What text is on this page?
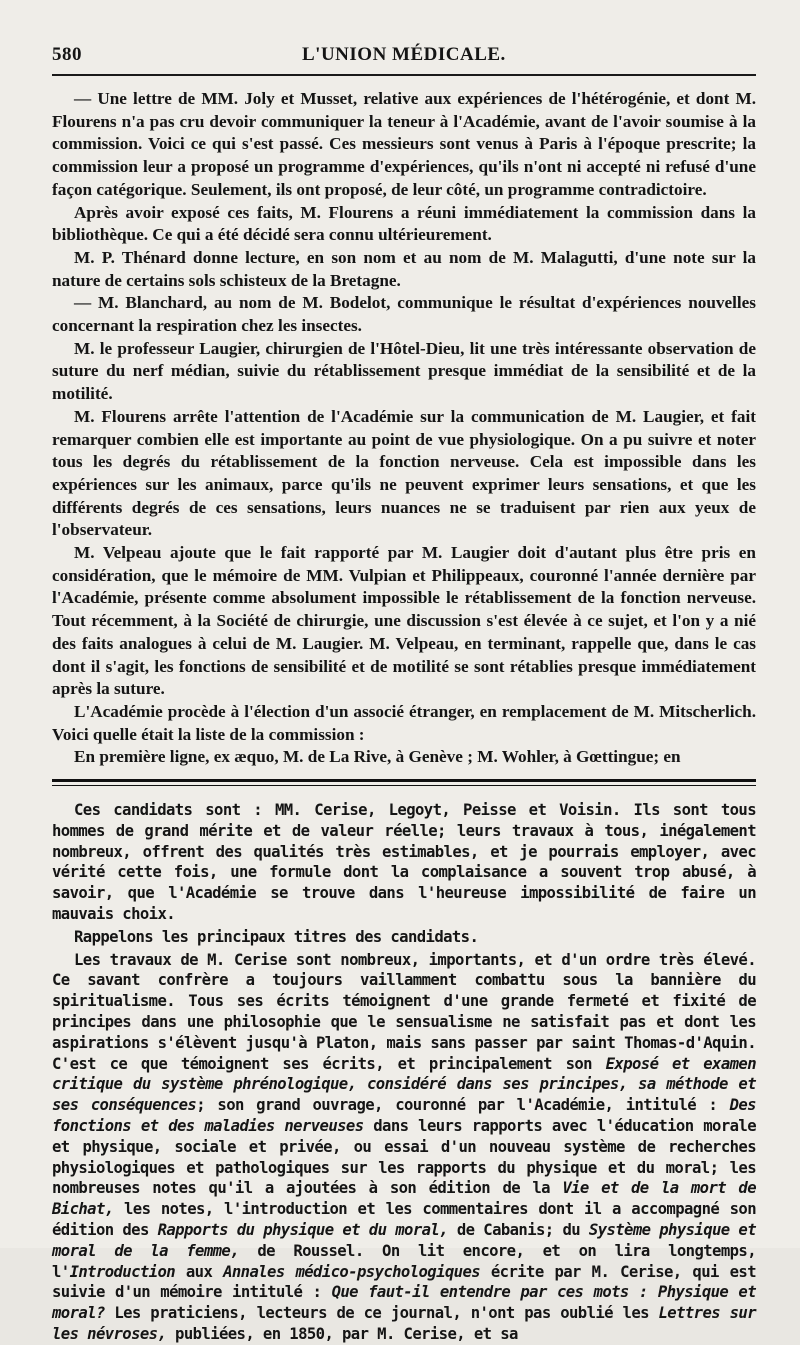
580	L'UNION MÉDICALE.

— Une lettre de MM. Joly et Musset, relative aux expériences de l'hétérogénie, et dont M. Flourens n'a pas cru devoir communiquer la teneur à l'Académie, avant de l'avoir soumise à la commission. Voici ce qui s'est passé. Ces messieurs sont venus à Paris à l'époque prescrite; la commission leur a proposé un programme d'expériences, qu'ils n'ont ni accepté ni refusé d'une façon catégorique. Seulement, ils ont proposé, de leur côté, un programme contradictoire.

Après avoir exposé ces faits, M. Flourens a réuni immédiatement la commission dans la bibliothèque. Ce qui a été décidé sera connu ultérieurement.

M. P. Thénard donne lecture, en son nom et au nom de M. Malagutti, d'une note sur la nature de certains sols schisteux de la Bretagne.

— M. Blanchard, au nom de M. Bodelot, communique le résultat d'expériences nouvelles concernant la respiration chez les insectes.

M. le professeur Laugier, chirurgien de l'Hôtel-Dieu, lit une très intéressante observation de suture du nerf médian, suivie du rétablissement presque immédiat de la sensibilité et de la motilité.

M. Flourens arrête l'attention de l'Académie sur la communication de M. Laugier, et fait remarquer combien elle est importante au point de vue physiologique. On a pu suivre et noter tous les degrés du rétablissement de la fonction nerveuse. Cela est impossible dans les expériences sur les animaux, parce qu'ils ne peuvent exprimer leurs sensations, et que les différents degrés de ces sensations, leurs nuances ne se traduisent par rien aux yeux de l'observateur.

M. Velpeau ajoute que le fait rapporté par M. Laugier doit d'autant plus être pris en considération, que le mémoire de MM. Vulpian et Philippeaux, couronné l'année dernière par l'Académie, présente comme absolument impossible le rétablissement de la fonction nerveuse. Tout récemment, à la Société de chirurgie, une discussion s'est élevée à ce sujet, et l'on y a nié des faits analogues à celui de M. Laugier. M. Velpeau, en terminant, rappelle que, dans le cas dont il s'agit, les fonctions de sensibilité et de motilité se sont rétablies presque immédiatement après la suture.

L'Académie procède à l'élection d'un associé étranger, en remplacement de M. Mitscherlich. Voici quelle était la liste de la commission :

En première ligne, ex æquo, M. de La Rive, à Genève ; M. Wohler, à Gœttingue; en

Ces candidats sont : MM. Cerise, Legoyt, Peisse et Voisin. Ils sont tous hommes de grand mérite et de valeur réelle; leurs travaux à tous, inégalement nombreux, offrent des qualités très estimables, et je pourrais employer, avec vérité cette fois, une formule dont la complaisance a souvent trop abusé, à savoir, que l'Académie se trouve dans l'heureuse impossibilité de faire un mauvais choix.

Rappelons les principaux titres des candidats.

Les travaux de M. Cerise sont nombreux, importants, et d'un ordre très élevé. Ce savant confrère a toujours vaillamment combattu sous la bannière du spiritualisme. Tous ses écrits témoignent d'une grande fermeté et fixité de principes dans une philosophie que le sensualisme ne satisfait pas et dont les aspirations s'élèvent jusqu'à Platon, mais sans passer par saint Thomas-d'Aquin. C'est ce que témoignent ses écrits, et principalement son Exposé et examen critique du système phrénologique, considéré dans ses principes, sa méthode et ses conséquences; son grand ouvrage, couronné par l'Académie, intitulé : Des fonctions et des maladies nerveuses dans leurs rapports avec l'éducation morale et physique, sociale et privée, ou essai d'un nouveau système de recherches physiologiques et pathologiques sur les rapports du physique et du moral; les nombreuses notes qu'il a ajoutées à son édition de la Vie et de la mort de Bichat, les notes, l'introduction et les commentaires dont il a accompagné son édition des Rapports du physique et du moral, de Cabanis; du Système physique et moral de la femme, de Roussel. On lit encore, et on lira longtemps, l'Introduction aux Annales médico-psychologiques écrite par M. Cerise, qui est suivie d'un mémoire intitulé : Que faut-il entendre par ces mots : Physique et moral? Les praticiens, lecteurs de ce journal, n'ont pas oublié les Lettres sur les névroses, publiées, en 1850, par M. Cerise, et sa
